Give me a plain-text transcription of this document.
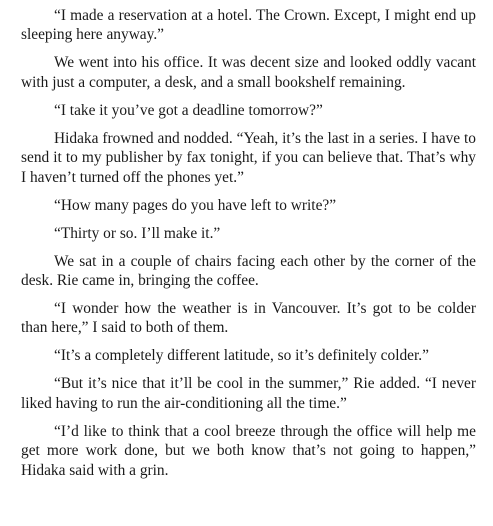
“I made a reservation at a hotel. The Crown. Except, I might end up sleeping here anyway.”

We went into his office. It was decent size and looked oddly vacant with just a computer, a desk, and a small bookshelf remaining.

“I take it you’ve got a deadline tomorrow?”

Hidaka frowned and nodded. “Yeah, it’s the last in a series. I have to send it to my publisher by fax tonight, if you can believe that. That’s why I haven’t turned off the phones yet.”

“How many pages do you have left to write?”

“Thirty or so. I’ll make it.”

We sat in a couple of chairs facing each other by the corner of the desk. Rie came in, bringing the coffee.

“I wonder how the weather is in Vancouver. It’s got to be colder than here,” I said to both of them.

“It’s a completely different latitude, so it’s definitely colder.”

“But it’s nice that it’ll be cool in the summer,” Rie added. “I never liked having to run the air-conditioning all the time.”

“I’d like to think that a cool breeze through the office will help me get more work done, but we both know that’s not going to happen,” Hidaka said with a grin.
